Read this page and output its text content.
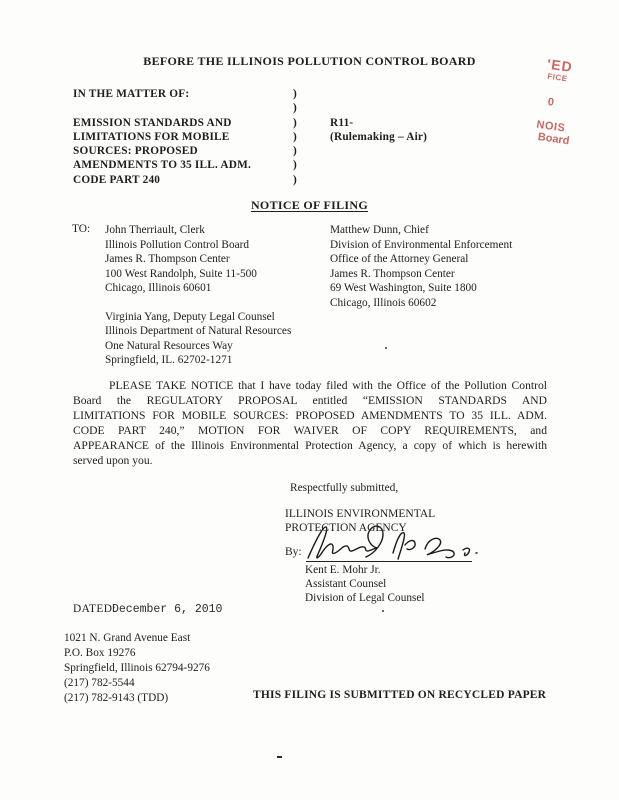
BEFORE THE ILLINOIS POLLUTION CONTROL BOARD	'ED
FICE
0
NOIS
Board
IN THE MATTER OF:	)
)
EMISSION STANDARDS AND	)	R11-
LIMITATIONS FOR MOBILE	)	(Rulemaking – Air)
SOURCES: PROPOSED	)
AMENDMENTS TO 35 ILL. ADM.	)
CODE PART 240	)
NOTICE OF FILING
TO: John Therriault, Clerk
Illinois Pollution Control Board
James R. Thompson Center
100 West Randolph, Suite 11-500
Chicago, Illinois 60601
Matthew Dunn, Chief
Division of Environmental Enforcement
Office of the Attorney General
James R. Thompson Center
69 West Washington, Suite 1800
Chicago, Illinois 60602
Virginia Yang, Deputy Legal Counsel
Illinois Department of Natural Resources
One Natural Resources Way
Springfield, IL. 62702-1271
PLEASE TAKE NOTICE that I have today filed with the Office of the Pollution Control
Board the REGULATORY PROPOSAL entitled “EMISSION STANDARDS AND
LIMITATIONS FOR MOBILE SOURCES: PROPOSED AMENDMENTS TO 35 ILL. ADM.
CODE PART 240,” MOTION FOR WAIVER OF COPY REQUIREMENTS, and
APPEARANCE of the Illinois Environmental Protection Agency, a copy of which is herewith
served upon you.
Respectfully submitted,
ILLINOIS ENVIRONMENTAL
PROTECTION AGENCY
By:
Kent E. Mohr Jr.
Assistant Counsel
Division of Legal Counsel
DATED:
December 6, 2010
1021 N. Grand Avenue East
P.O. Box 19276
Springfield, Illinois 62794-9276
(217) 782-5544
(217) 782-9143 (TDD)	THIS FILING IS SUBMITTED ON RECYCLED PAPER
